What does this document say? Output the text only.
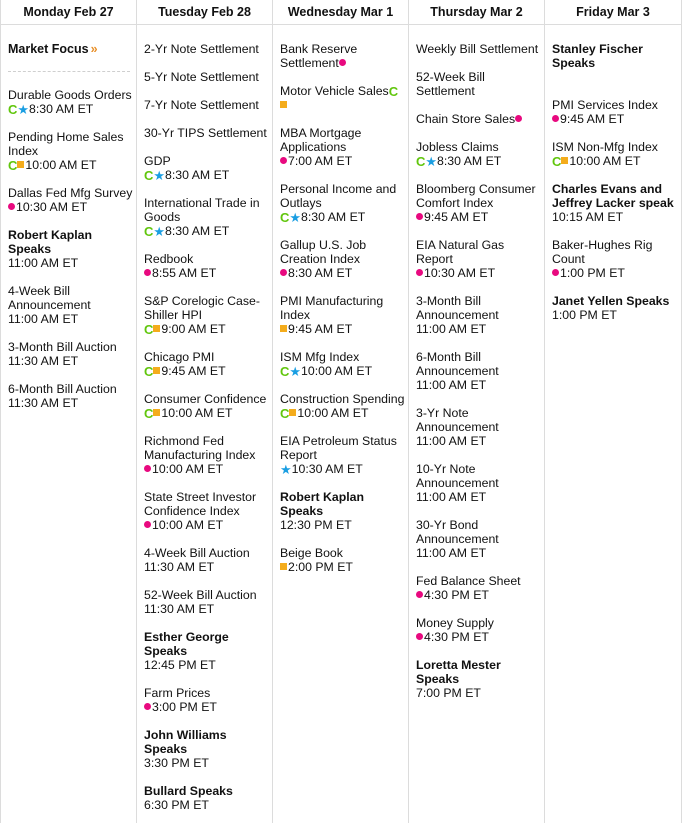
Monday Feb 27
Market Focus »
Durable Goods Orders
C★8:30 AM ET
Pending Home Sales Index
C 10:00 AM ET
Dallas Fed Mfg Survey
10:30 AM ET
Robert Kaplan Speaks
11:00 AM ET
4-Week Bill Announcement
11:00 AM ET
3-Month Bill Auction
11:30 AM ET
6-Month Bill Auction
11:30 AM ET
Tuesday Feb 28
2-Yr Note Settlement
5-Yr Note Settlement
7-Yr Note Settlement
30-Yr TIPS Settlement
GDP
C★8:30 AM ET
International Trade in Goods
C★8:30 AM ET
Redbook
8:55 AM ET
S&P Corelogic Case-Shiller HPI
C 9:00 AM ET
Chicago PMI
C 9:45 AM ET
Consumer Confidence
C 10:00 AM ET
Richmond Fed Manufacturing Index
10:00 AM ET
State Street Investor Confidence Index
10:00 AM ET
4-Week Bill Auction
11:30 AM ET
52-Week Bill Auction
11:30 AM ET
Esther George Speaks
12:45 PM ET
Farm Prices
3:00 PM ET
John Williams Speaks
3:30 PM ET
Bullard Speaks
6:30 PM ET
Wednesday Mar 1
Bank Reserve Settlement
Motor Vehicle SalesC
MBA Mortgage Applications
7:00 AM ET
Personal Income and Outlays
C★8:30 AM ET
Gallup U.S. Job Creation Index
8:30 AM ET
PMI Manufacturing Index
9:45 AM ET
ISM Mfg Index
C★10:00 AM ET
Construction Spending
C 10:00 AM ET
EIA Petroleum Status Report
★10:30 AM ET
Robert Kaplan Speaks
12:30 PM ET
Beige Book
2:00 PM ET
Thursday Mar 2
Weekly Bill Settlement
52-Week Bill Settlement
Chain Store Sales
Jobless Claims
C★8:30 AM ET
Bloomberg Consumer Comfort Index
9:45 AM ET
EIA Natural Gas Report
10:30 AM ET
3-Month Bill Announcement
11:00 AM ET
6-Month Bill Announcement
11:00 AM ET
3-Yr Note Announcement
11:00 AM ET
10-Yr Note Announcement
11:00 AM ET
30-Yr Bond Announcement
11:00 AM ET
Fed Balance Sheet
4:30 PM ET
Money Supply
4:30 PM ET
Loretta Mester Speaks
7:00 PM ET
Friday Mar 3
Stanley Fischer Speaks
PMI Services Index
9:45 AM ET
ISM Non-Mfg Index
C 10:00 AM ET
Charles Evans and Jeffrey Lacker speak
10:15 AM ET
Baker-Hughes Rig Count
1:00 PM ET
Janet Yellen Speaks
1:00 PM ET
